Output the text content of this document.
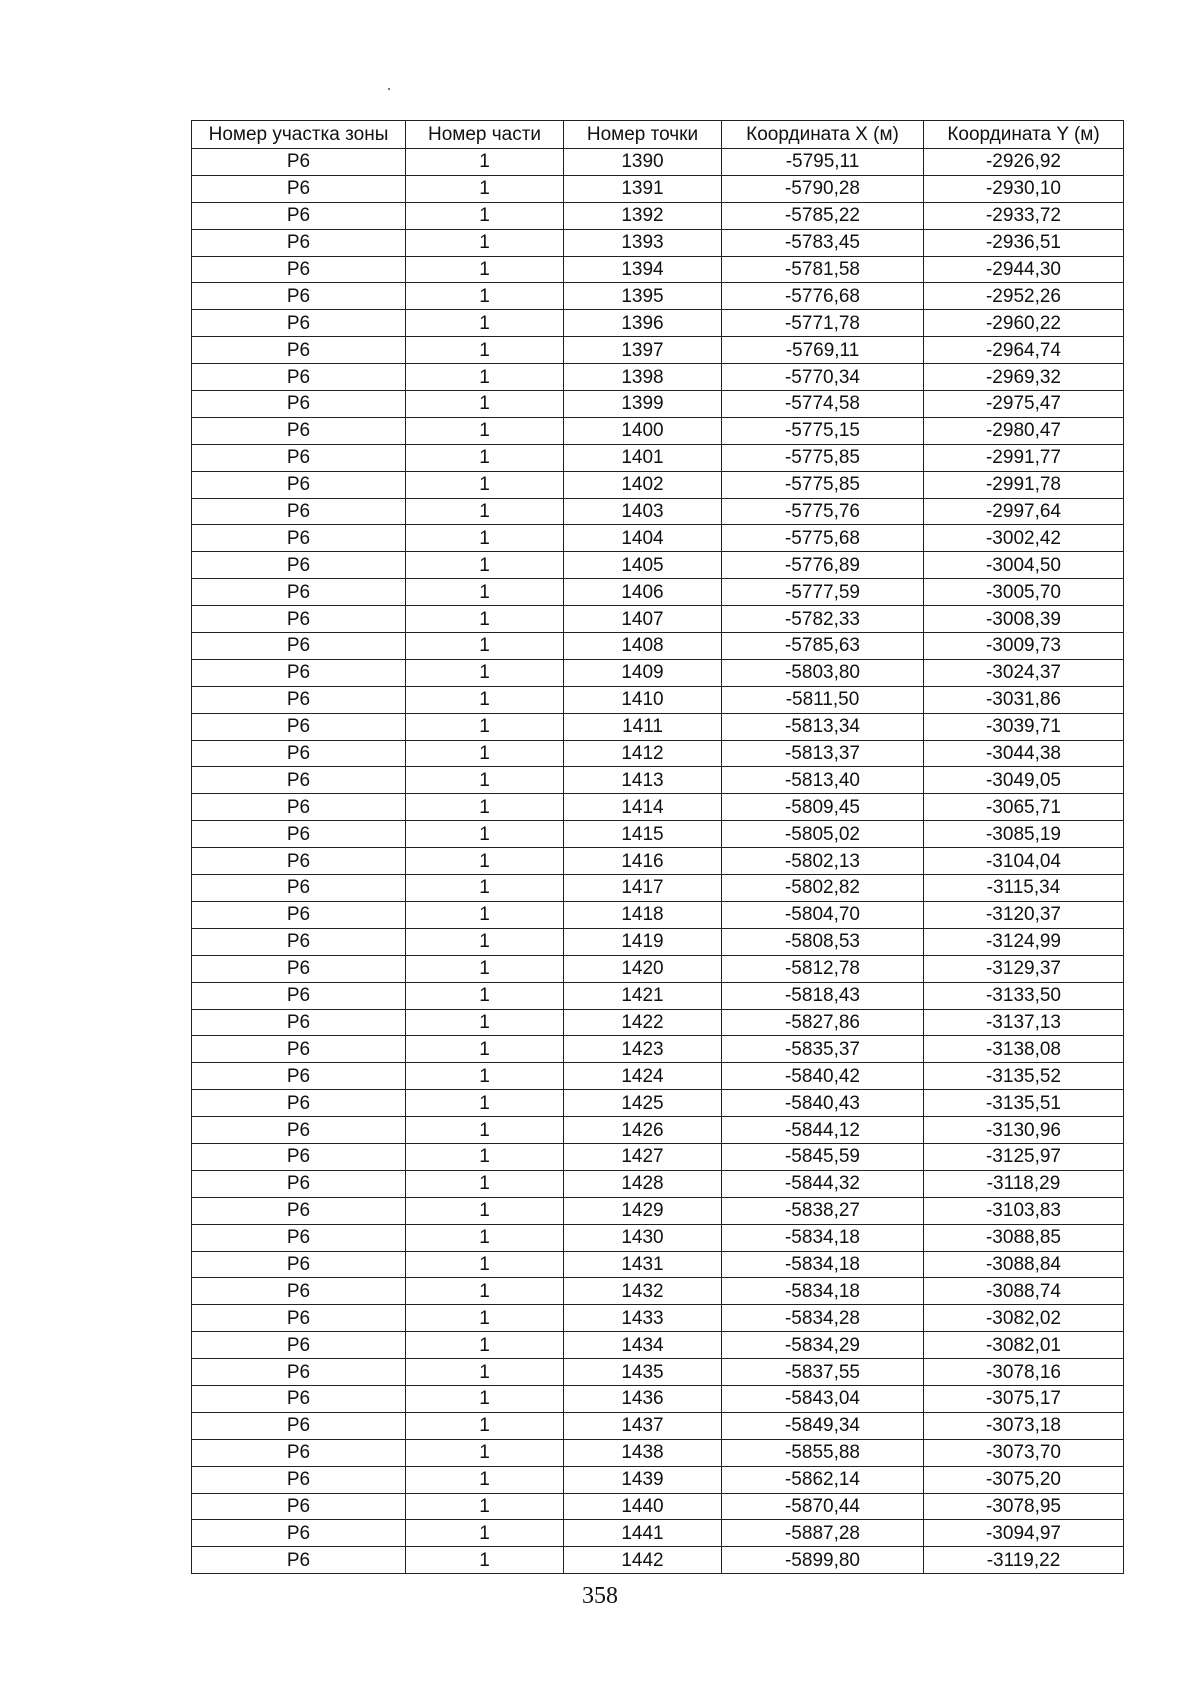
Номер участка зоны	Номер части	Номер точки	Координата X (м)	Координата Y (м)
Р6	1	1390	-5795,11	-2926,92
Р6	1	1391	-5790,28	-2930,10
Р6	1	1392	-5785,22	-2933,72
Р6	1	1393	-5783,45	-2936,51
Р6	1	1394	-5781,58	-2944,30
Р6	1	1395	-5776,68	-2952,26
Р6	1	1396	-5771,78	-2960,22
Р6	1	1397	-5769,11	-2964,74
Р6	1	1398	-5770,34	-2969,32
Р6	1	1399	-5774,58	-2975,47
Р6	1	1400	-5775,15	-2980,47
Р6	1	1401	-5775,85	-2991,77
Р6	1	1402	-5775,85	-2991,78
Р6	1	1403	-5775,76	-2997,64
Р6	1	1404	-5775,68	-3002,42
Р6	1	1405	-5776,89	-3004,50
Р6	1	1406	-5777,59	-3005,70
Р6	1	1407	-5782,33	-3008,39
Р6	1	1408	-5785,63	-3009,73
Р6	1	1409	-5803,80	-3024,37
Р6	1	1410	-5811,50	-3031,86
Р6	1	1411	-5813,34	-3039,71
Р6	1	1412	-5813,37	-3044,38
Р6	1	1413	-5813,40	-3049,05
Р6	1	1414	-5809,45	-3065,71
Р6	1	1415	-5805,02	-3085,19
Р6	1	1416	-5802,13	-3104,04
Р6	1	1417	-5802,82	-3115,34
Р6	1	1418	-5804,70	-3120,37
Р6	1	1419	-5808,53	-3124,99
Р6	1	1420	-5812,78	-3129,37
Р6	1	1421	-5818,43	-3133,50
Р6	1	1422	-5827,86	-3137,13
Р6	1	1423	-5835,37	-3138,08
Р6	1	1424	-5840,42	-3135,52
Р6	1	1425	-5840,43	-3135,51
Р6	1	1426	-5844,12	-3130,96
Р6	1	1427	-5845,59	-3125,97
Р6	1	1428	-5844,32	-3118,29
Р6	1	1429	-5838,27	-3103,83
Р6	1	1430	-5834,18	-3088,85
Р6	1	1431	-5834,18	-3088,84
Р6	1	1432	-5834,18	-3088,74
Р6	1	1433	-5834,28	-3082,02
Р6	1	1434	-5834,29	-3082,01
Р6	1	1435	-5837,55	-3078,16
Р6	1	1436	-5843,04	-3075,17
Р6	1	1437	-5849,34	-3073,18
Р6	1	1438	-5855,88	-3073,70
Р6	1	1439	-5862,14	-3075,20
Р6	1	1440	-5870,44	-3078,95
Р6	1	1441	-5887,28	-3094,97
Р6	1	1442	-5899,80	-3119,22
358
